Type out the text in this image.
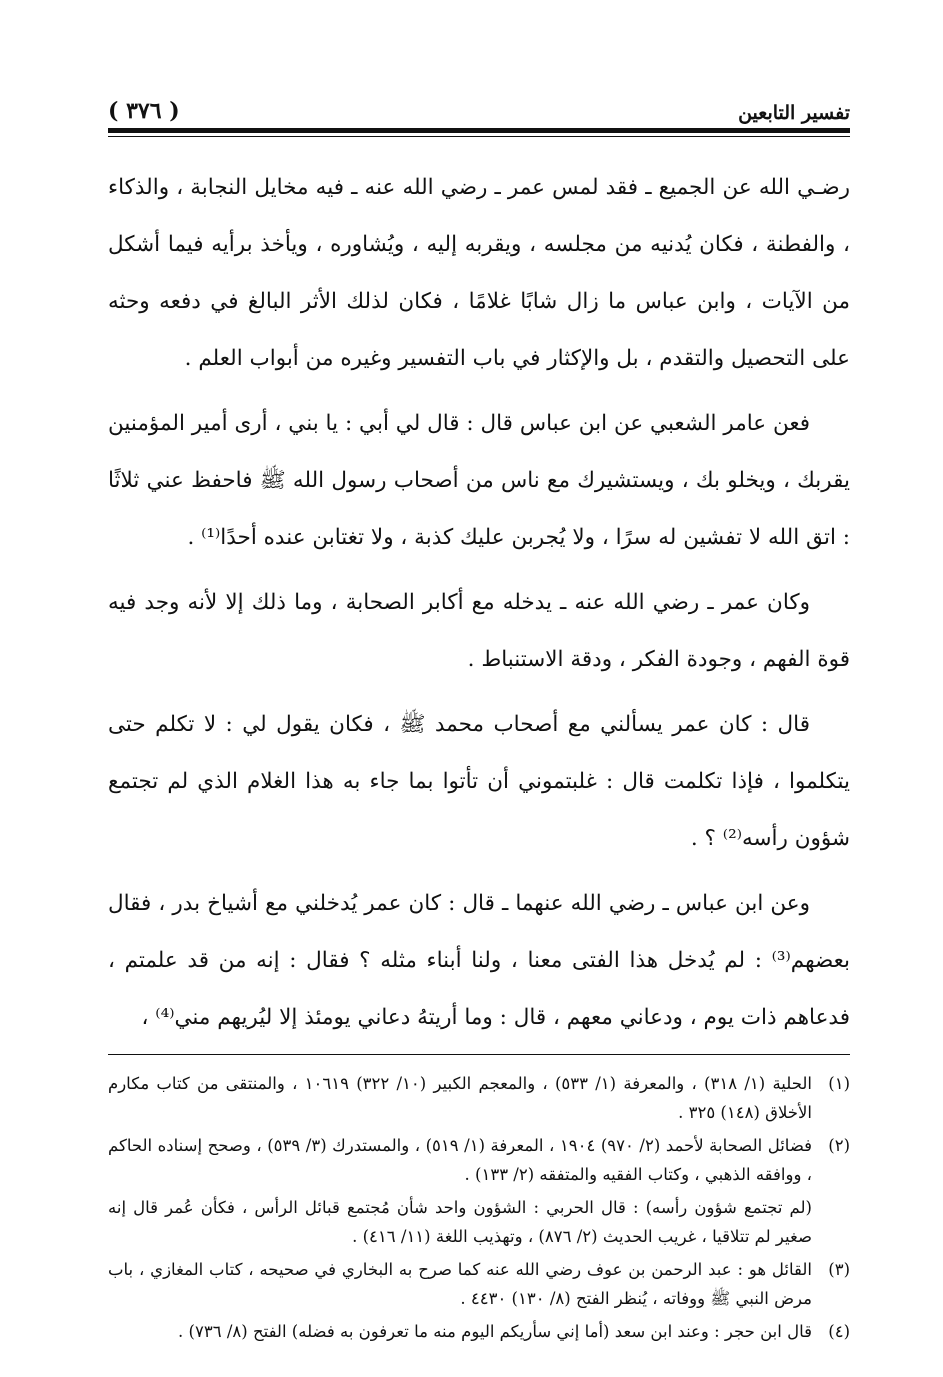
تفسير التابعين
( ٣٧٦ )

رضـي الله عن الجميع ـ فقد لمس عمر ـ رضي الله عنه ـ فيه مخايل النجابة ، والذكاء ، والفطنة ، فكان يُدنيه من مجلسه ، ويقربه إليه ، ويُشاوره ، ويأخذ برأيه فيما أشكل من الآيات ، وابن عباس ما زال شابًا غلامًا ، فكان لذلك الأثر البالغ في دفعه وحثه على التحصيل والتقدم ، بل والإكثار في باب التفسير وغيره من أبواب العلم .

فعن عامر الشعبي عن ابن عباس قال : قال لي أبي : يا بني ، أرى أمير المؤمنين يقربك ، ويخلو بك ، ويستشيرك مع ناس من أصحاب رسول الله ﷺ فاحفظ عني ثلاثًا : اتق الله لا تفشين له سرًا ، ولا يُجربن عليك كذبة ، ولا تغتابن عنده أحدًا⁽¹⁾ .

وكان عمر ـ رضي الله عنه ـ يدخله مع أكابر الصحابة ، وما ذلك إلا لأنه وجد فيه قوة الفهم ، وجودة الفكر ، ودقة الاستنباط .

قال : كان عمر يسألني مع أصحاب محمد ﷺ ، فكان يقول لي : لا تكلم حتى يتكلموا ، فإذا تكلمت قال : غلبتموني أن تأتوا بما جاء به هذا الغلام الذي لم تجتمع شؤون رأسه⁽²⁾ ؟ .

وعن ابن عباس ـ رضي الله عنهما ـ قال : كان عمر يُدخلني مع أشياخ بدر ، فقال بعضهم⁽³⁾ : لم يُدخل هذا الفتى معنا ، ولنا أبناء مثله ؟ فقال : إنه من قد علمتم ، فدعاهم ذات يوم ، ودعاني معهم ، قال : وما أريتهُ دعاني يومئذ إلا ليُريهم مني⁽⁴⁾ ،

(١)
الحلية (١/ ٣١٨) ، والمعرفة (١/ ٥٣٣) ، والمعجم الكبير (١٠/ ٣٢٢) ١٠٦١٩ ، والمنتقى من كتاب مكارم الأخلاق (١٤٨) ٣٢٥ .
(٢)
فضائل الصحابة لأحمد (٢/ ٩٧٠) ١٩٠٤ ، المعرفة (١/ ٥١٩) ، والمستدرك (٣/ ٥٣٩) ، وصحح إسناده الحاكم ، ووافقه الذهبي ، وكتاب الفقيه والمتفقه (٢/ ١٣٣) .
(لم تجتمع شؤون رأسه) : قال الحربي : الشؤون واحد شأن مُجتمع قبائل الرأس ، فكأن عُمر قال إنه صغير لم تتلاقيا ، غريب الحديث (٢/ ٨٧٦) ، وتهذيب اللغة (١١/ ٤١٦) .
(٣)
القائل هو : عبد الرحمن بن عوف رضي الله عنه كما صرح به البخاري في صحيحه ، كتاب المغازي ، باب مرض النبي ﷺ ووفاته ، يُنظر الفتح (٨/ ١٣٠) ٤٤٣٠ .
(٤)
قال ابن حجر : وعند ابن سعد (أما إني سأريكم اليوم منه ما تعرفون به فضله) الفتح (٨/ ٧٣٦) .
